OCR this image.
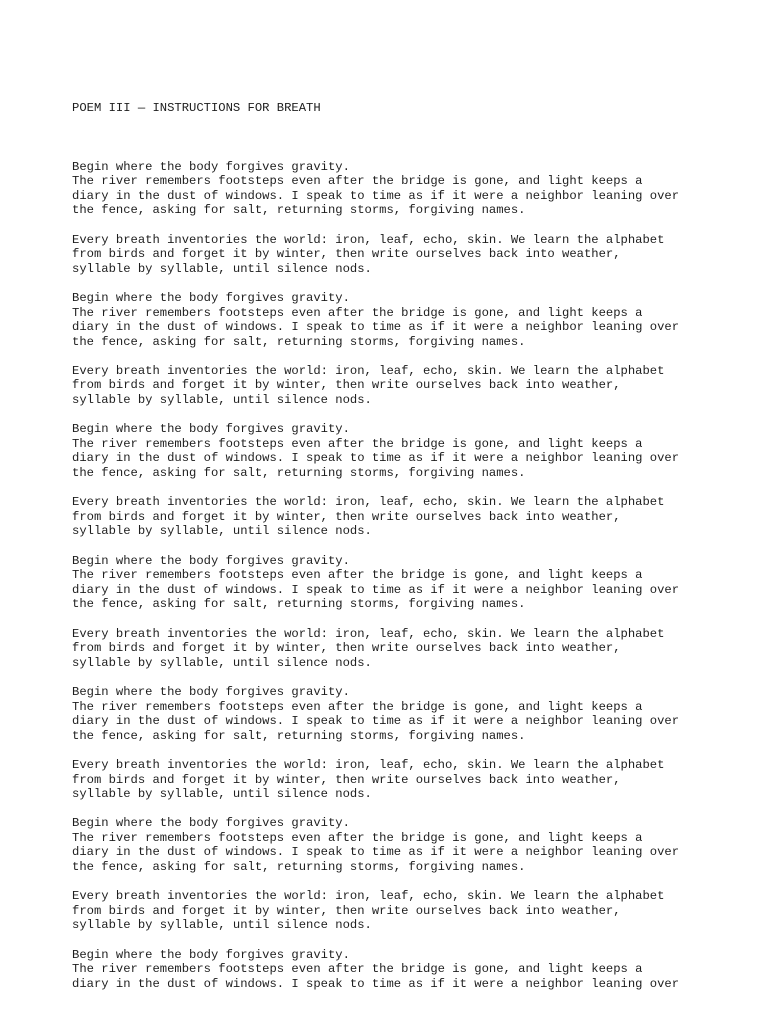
POEM III — INSTRUCTIONS FOR BREATH

Begin where the body forgives gravity.
The river remembers footsteps even after the bridge is gone, and light keeps a
diary in the dust of windows. I speak to time as if it were a neighbor leaning over
the fence, asking for salt, returning storms, forgiving names.
Every breath inventories the world: iron, leaf, echo, skin. We learn the alphabet
from birds and forget it by winter, then write ourselves back into weather,
syllable by syllable, until silence nods.
Begin where the body forgives gravity.
The river remembers footsteps even after the bridge is gone, and light keeps a
diary in the dust of windows. I speak to time as if it were a neighbor leaning over
the fence, asking for salt, returning storms, forgiving names.
Every breath inventories the world: iron, leaf, echo, skin. We learn the alphabet
from birds and forget it by winter, then write ourselves back into weather,
syllable by syllable, until silence nods.
Begin where the body forgives gravity.
The river remembers footsteps even after the bridge is gone, and light keeps a
diary in the dust of windows. I speak to time as if it were a neighbor leaning over
the fence, asking for salt, returning storms, forgiving names.
Every breath inventories the world: iron, leaf, echo, skin. We learn the alphabet
from birds and forget it by winter, then write ourselves back into weather,
syllable by syllable, until silence nods.
Begin where the body forgives gravity.
The river remembers footsteps even after the bridge is gone, and light keeps a
diary in the dust of windows. I speak to time as if it were a neighbor leaning over
the fence, asking for salt, returning storms, forgiving names.
Every breath inventories the world: iron, leaf, echo, skin. We learn the alphabet
from birds and forget it by winter, then write ourselves back into weather,
syllable by syllable, until silence nods.
Begin where the body forgives gravity.
The river remembers footsteps even after the bridge is gone, and light keeps a
diary in the dust of windows. I speak to time as if it were a neighbor leaning over
the fence, asking for salt, returning storms, forgiving names.
Every breath inventories the world: iron, leaf, echo, skin. We learn the alphabet
from birds and forget it by winter, then write ourselves back into weather,
syllable by syllable, until silence nods.
Begin where the body forgives gravity.
The river remembers footsteps even after the bridge is gone, and light keeps a
diary in the dust of windows. I speak to time as if it were a neighbor leaning over
the fence, asking for salt, returning storms, forgiving names.
Every breath inventories the world: iron, leaf, echo, skin. We learn the alphabet
from birds and forget it by winter, then write ourselves back into weather,
syllable by syllable, until silence nods.
Begin where the body forgives gravity.
The river remembers footsteps even after the bridge is gone, and light keeps a
diary in the dust of windows. I speak to time as if it were a neighbor leaning over
